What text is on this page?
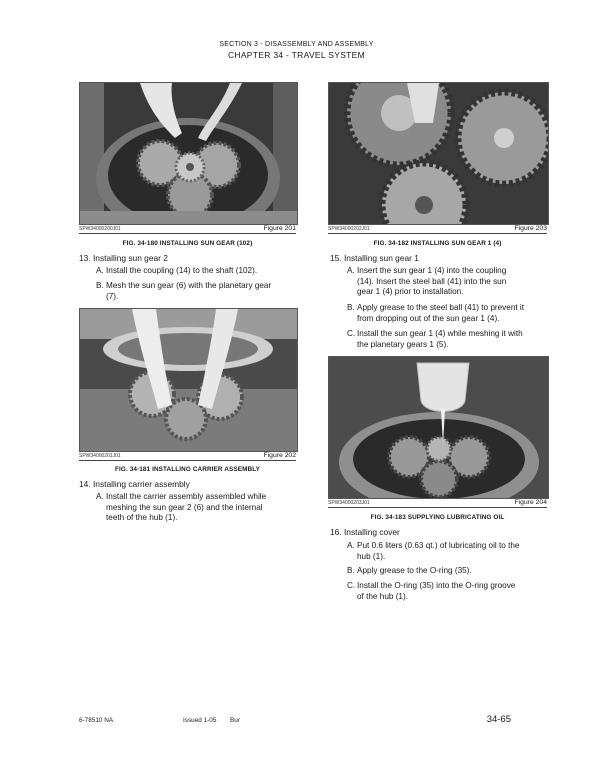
SECTION 3 - DISASSEMBLY AND ASSEMBLY
CHAPTER 34 - TRAVEL SYSTEM
SPW34000200J01	Figure 201
FIG. 34-180 INSTALLING SUN GEAR (102)
13. Installing sun gear 2
A. Install the coupling (14) to the shaft (102).
B. Mesh the sun gear (6) with the planetary gear
(7).
SPW34000201J01	Figure 202
FIG. 34-181 INSTALLING CARRIER ASSEMBLY
14. Installing carrier assembly
A. Install the carrier assembly assembled while
meshing the sun gear 2 (6) and the internal
teeth of the hub (1).
SPW34000202J01	Figure 203
FIG. 34-182 INSTALLING SUN GEAR 1 (4)
15. Installing sun gear 1
A. Insert the sun gear 1 (4) into the coupling
(14). Insert the steel ball (41) into the sun
gear 1 (4) prior to installation.
B. Apply grease to the steel ball (41) to prevent it
from dropping out of the sun gear 1 (4).
C. Install the sun gear 1 (4) while meshing it with
the planetary gears 1 (5).
SPW34000203J01	Figure 204
FIG. 34-183 SUPPLYING LUBRICATING OIL
16. Installing cover
A. Put 0.6 liters (0.63 qt.) of lubricating oil to the
hub (1).
B. Apply grease to the O-ring (35).
C. Install the O-ring (35) into the O-ring groove
of the hub (1).
6-78510 NA	Issued 1-05 Bur	34-65
